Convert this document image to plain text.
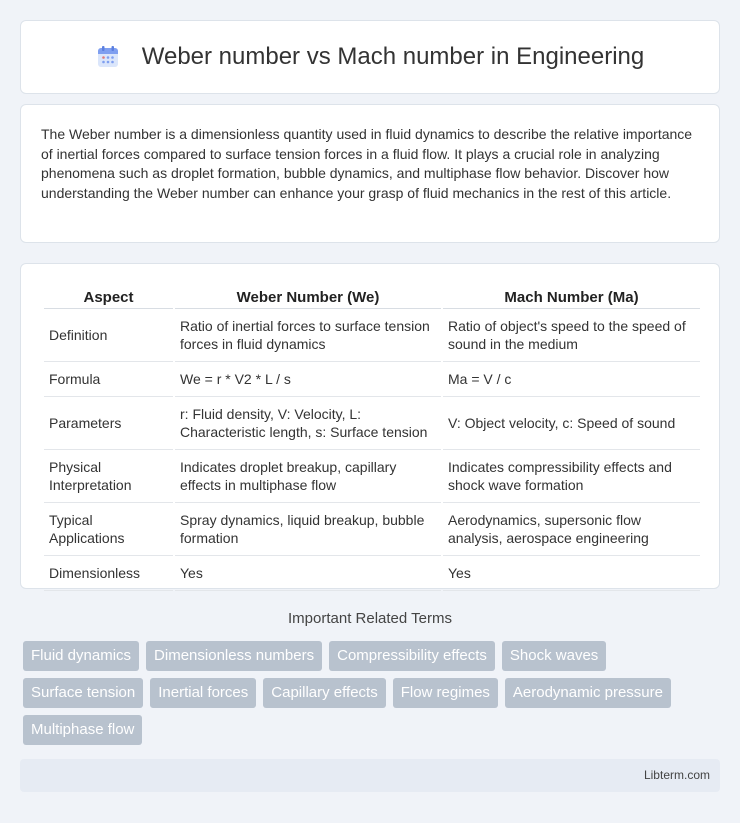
Weber number vs Mach number in Engineering

The Weber number is a dimensionless quantity used in fluid dynamics to describe the relative importance of inertial forces compared to surface tension forces in a fluid flow. It plays a crucial role in analyzing phenomena such as droplet formation, bubble dynamics, and multiphase flow behavior. Discover how understanding the Weber number can enhance your grasp of fluid mechanics in the rest of this article.

Aspect	Weber Number (We)	Mach Number (Ma)
Definition	Ratio of inertial forces to surface tension forces in fluid dynamics	Ratio of object's speed to the speed of sound in the medium
Formula	We = r * V2 * L / s	Ma = V / c
Parameters	r: Fluid density, V: Velocity, L: Characteristic length, s: Surface tension	V: Object velocity, c: Speed of sound
Physical Interpretation	Indicates droplet breakup, capillary effects in multiphase flow	Indicates compressibility effects and shock wave formation
Typical Applications	Spray dynamics, liquid breakup, bubble formation	Aerodynamics, supersonic flow analysis, aerospace engineering
Dimensionless	Yes	Yes
Important Related Terms
Fluid dynamics	Dimensionless numbers	Compressibility effects	Shock waves
Surface tension	Inertial forces	Capillary effects	Flow regimes	Aerodynamic pressure
Multiphase flow
Libterm.com
